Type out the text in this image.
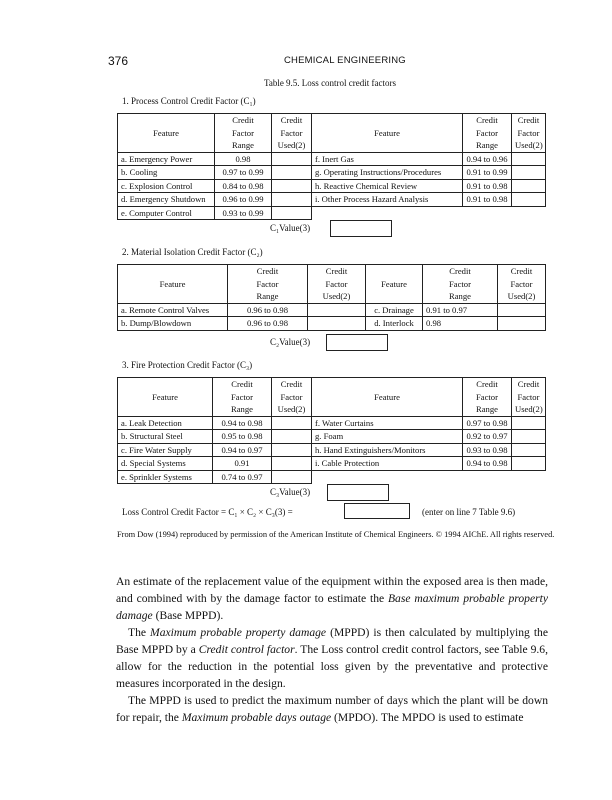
376	CHEMICAL ENGINEERING
Table 9.5. Loss control credit factors
1. Process Control Credit Factor (C₁)
Feature	Credit
Factor
Range	Credit
Factor
Used(2)	Feature	Credit
Factor
Range	Credit
Factor
Used(2)

a. Emergency Power	0.98		f. Inert Gas	0.94 to 0.96	
b. Cooling	0.97 to 0.99		g. Operating Instructions/Procedures	0.91 to 0.99	
c. Explosion Control	0.84 to 0.98		h. Reactive Chemical Review	0.91 to 0.98	
d. Emergency Shutdown	0.96 to 0.99		i. Other Process Hazard Analysis	0.91 to 0.98	
e. Computer Control	0.93 to 0.99				
C₁Value(3)
2. Material Isolation Credit Factor (C₂)
Feature	Credit
Factor
Range	Credit
Factor
Used(2)	Feature	Credit
Factor
Range	Credit
Factor
Used(2)

a. Remote Control Valves	0.96 to 0.98		c. Drainage	0.91 to 0.97	
b. Dump/Blowdown	0.96 to 0.98		d. Interlock	0.98	
C₂Value(3)
3. Fire Protection Credit Factor (C₃)
Feature	Credit
Factor
Range	Credit
Factor
Used(2)	Feature	Credit
Factor
Range	Credit
Factor
Used(2)

a. Leak Detection	0.94 to 0.98		f. Water Curtains	0.97 to 0.98	
b. Structural Steel	0.95 to 0.98		g. Foam	0.92 to 0.97	
c. Fire Water Supply	0.94 to 0.97		h. Hand Extinguishers/Monitors	0.93 to 0.98	
d. Special Systems	0.91		i. Cable Protection	0.94 to 0.98	
e. Sprinkler Systems	0.74 to 0.97				
C₃Value(3)
Loss Control Credit Factor = C₁ × C₂ × C₃(3) =	(enter on line 7 Table 9.6)
From Dow (1994) reproduced by permission of the American Institute of Chemical Engineers. © 1994 AIChE. All rights reserved.

An estimate of the replacement value of the equipment within the exposed area is then made, and combined with by the damage factor to estimate the Base maximum probable property damage (Base MPPD).

The Maximum probable property damage (MPPD) is then calculated by multiplying the Base MPPD by a Credit control factor. The Loss control credit control factors, see Table 9.6, allow for the reduction in the potential loss given by the preventative and protective measures incorporated in the design.

The MPPD is used to predict the maximum number of days which the plant will be down for repair, the Maximum probable days outage (MPDO). The MPDO is used to estimate
